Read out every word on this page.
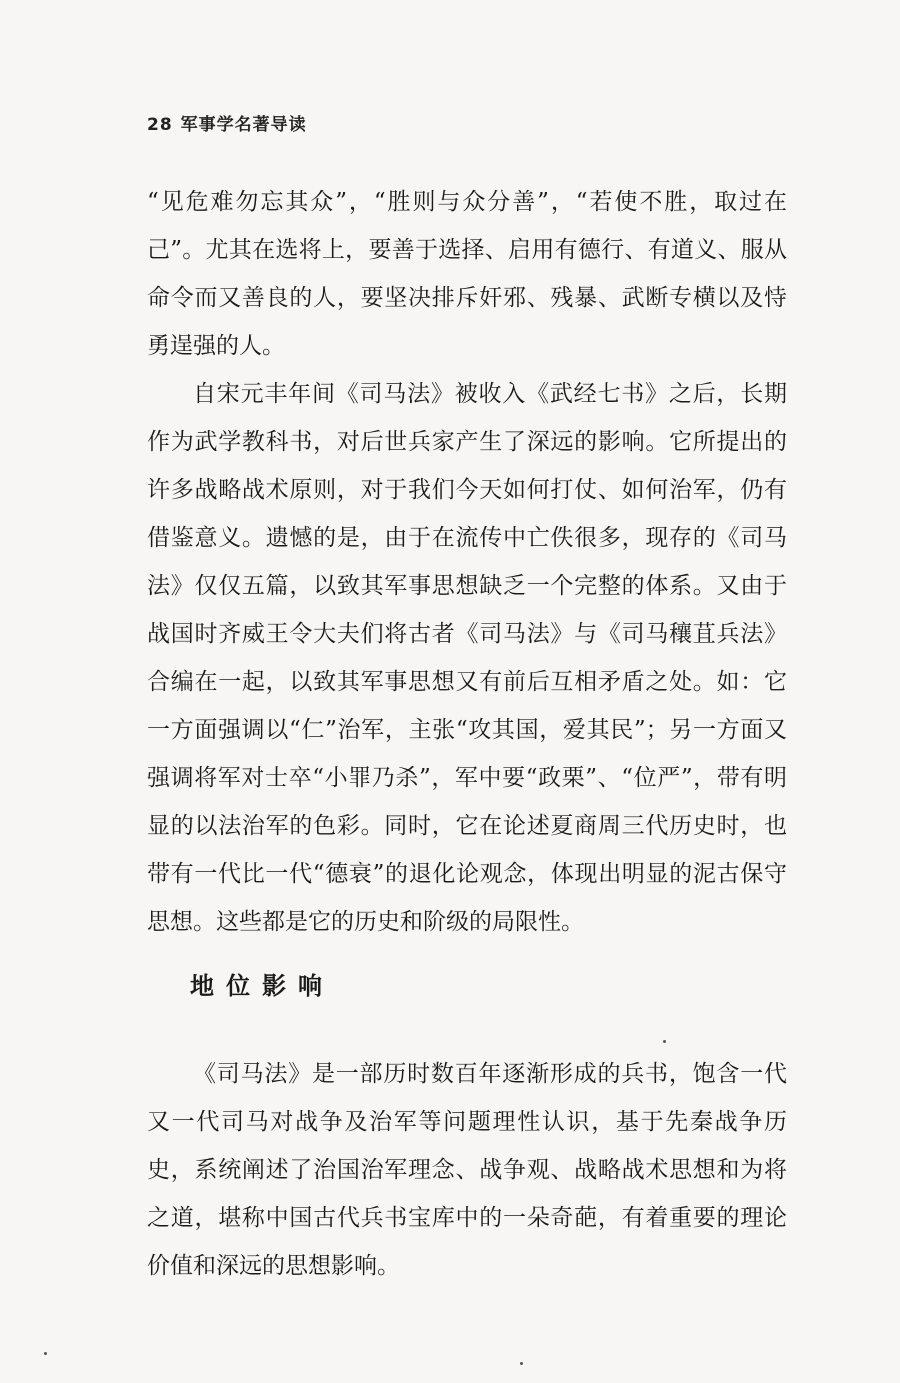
28 军事学名著导读

“见危难勿忘其众”，“胜则与众分善”，“若使不胜，取过在己”。尤其在选将上，要善于选择、启用有德行、有道义、服从命令而又善良的人，要坚决排斥奸邪、残暴、武断专横以及恃勇逞强的人。

自宋元丰年间《司马法》被收入《武经七书》之后，长期作为武学教科书，对后世兵家产生了深远的影响。它所提出的许多战略战术原则，对于我们今天如何打仗、如何治军，仍有借鉴意义。遗憾的是，由于在流传中亡佚很多，现存的《司马法》仅仅五篇，以致其军事思想缺乏一个完整的体系。又由于战国时齐威王令大夫们将古者《司马法》与《司马穰苴兵法》合编在一起，以致其军事思想又有前后互相矛盾之处。如：它一方面强调以“仁”治军，主张“攻其国，爱其民”；另一方面又强调将军对士卒“小罪乃杀”，军中要“政栗”、“位严”，带有明显的以法治军的色彩。同时，它在论述夏商周三代历史时，也带有一代比一代“德衰”的退化论观念，体现出明显的泥古保守思想。这些都是它的历史和阶级的局限性。

地位影响

《司马法》是一部历时数百年逐渐形成的兵书，饱含一代又一代司马对战争及治军等问题理性认识，基于先秦战争历史，系统阐述了治国治军理念、战争观、战略战术思想和为将之道，堪称中国古代兵书宝库中的一朵奇葩，有着重要的理论价值和深远的思想影响。
